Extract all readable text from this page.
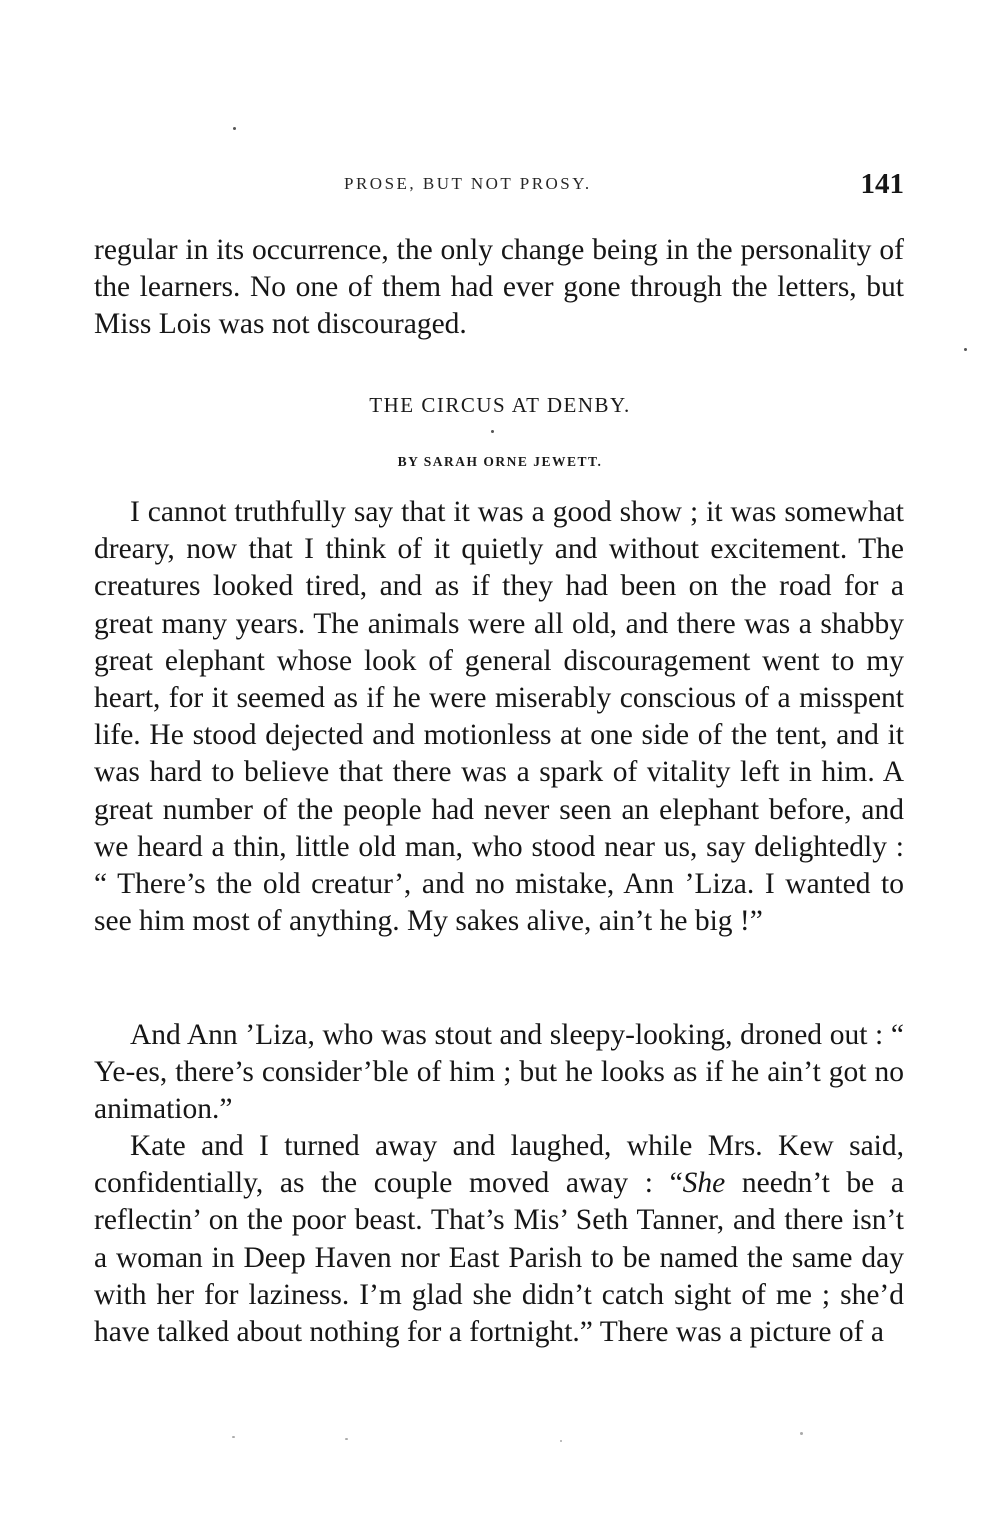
PROSE, BUT NOT PROSY.	141

regular in its occurrence, the only change being in the personality of the learners. No one of them had ever gone through the letters, but Miss Lois was not discouraged.

THE CIRCUS AT DENBY.
BY SARAH ORNE JEWETT.

I cannot truthfully say that it was a good show ; it was somewhat dreary, now that I think of it quietly and without excitement. The creatures looked tired, and as if they had been on the road for a great many years. The animals were all old, and there was a shabby great elephant whose look of general discouragement went to my heart, for it seemed as if he were miserably conscious of a misspent life. He stood dejected and motionless at one side of the tent, and it was hard to believe that there was a spark of vitality left in him. A great number of the people had never seen an elephant before, and we heard a thin, little old man, who stood near us, say delightedly : “ There’s the old creatur’, and no mistake, Ann ’Liza. I wanted to see him most of anything. My sakes alive, ain’t he big !”

And Ann ’Liza, who was stout and sleepy-looking, droned out : “ Ye-es, there’s consider’ble of him ; but he looks as if he ain’t got no animation.”

Kate and I turned away and laughed, while Mrs. Kew said, confidentially, as the couple moved away : “She needn’t be a reflectin’ on the poor beast. That’s Mis’ Seth Tanner, and there isn’t a woman in Deep Haven nor East Parish to be named the same day with her for laziness. I’m glad she didn’t catch sight of me ; she’d have talked about nothing for a fortnight.” There was a picture of a
